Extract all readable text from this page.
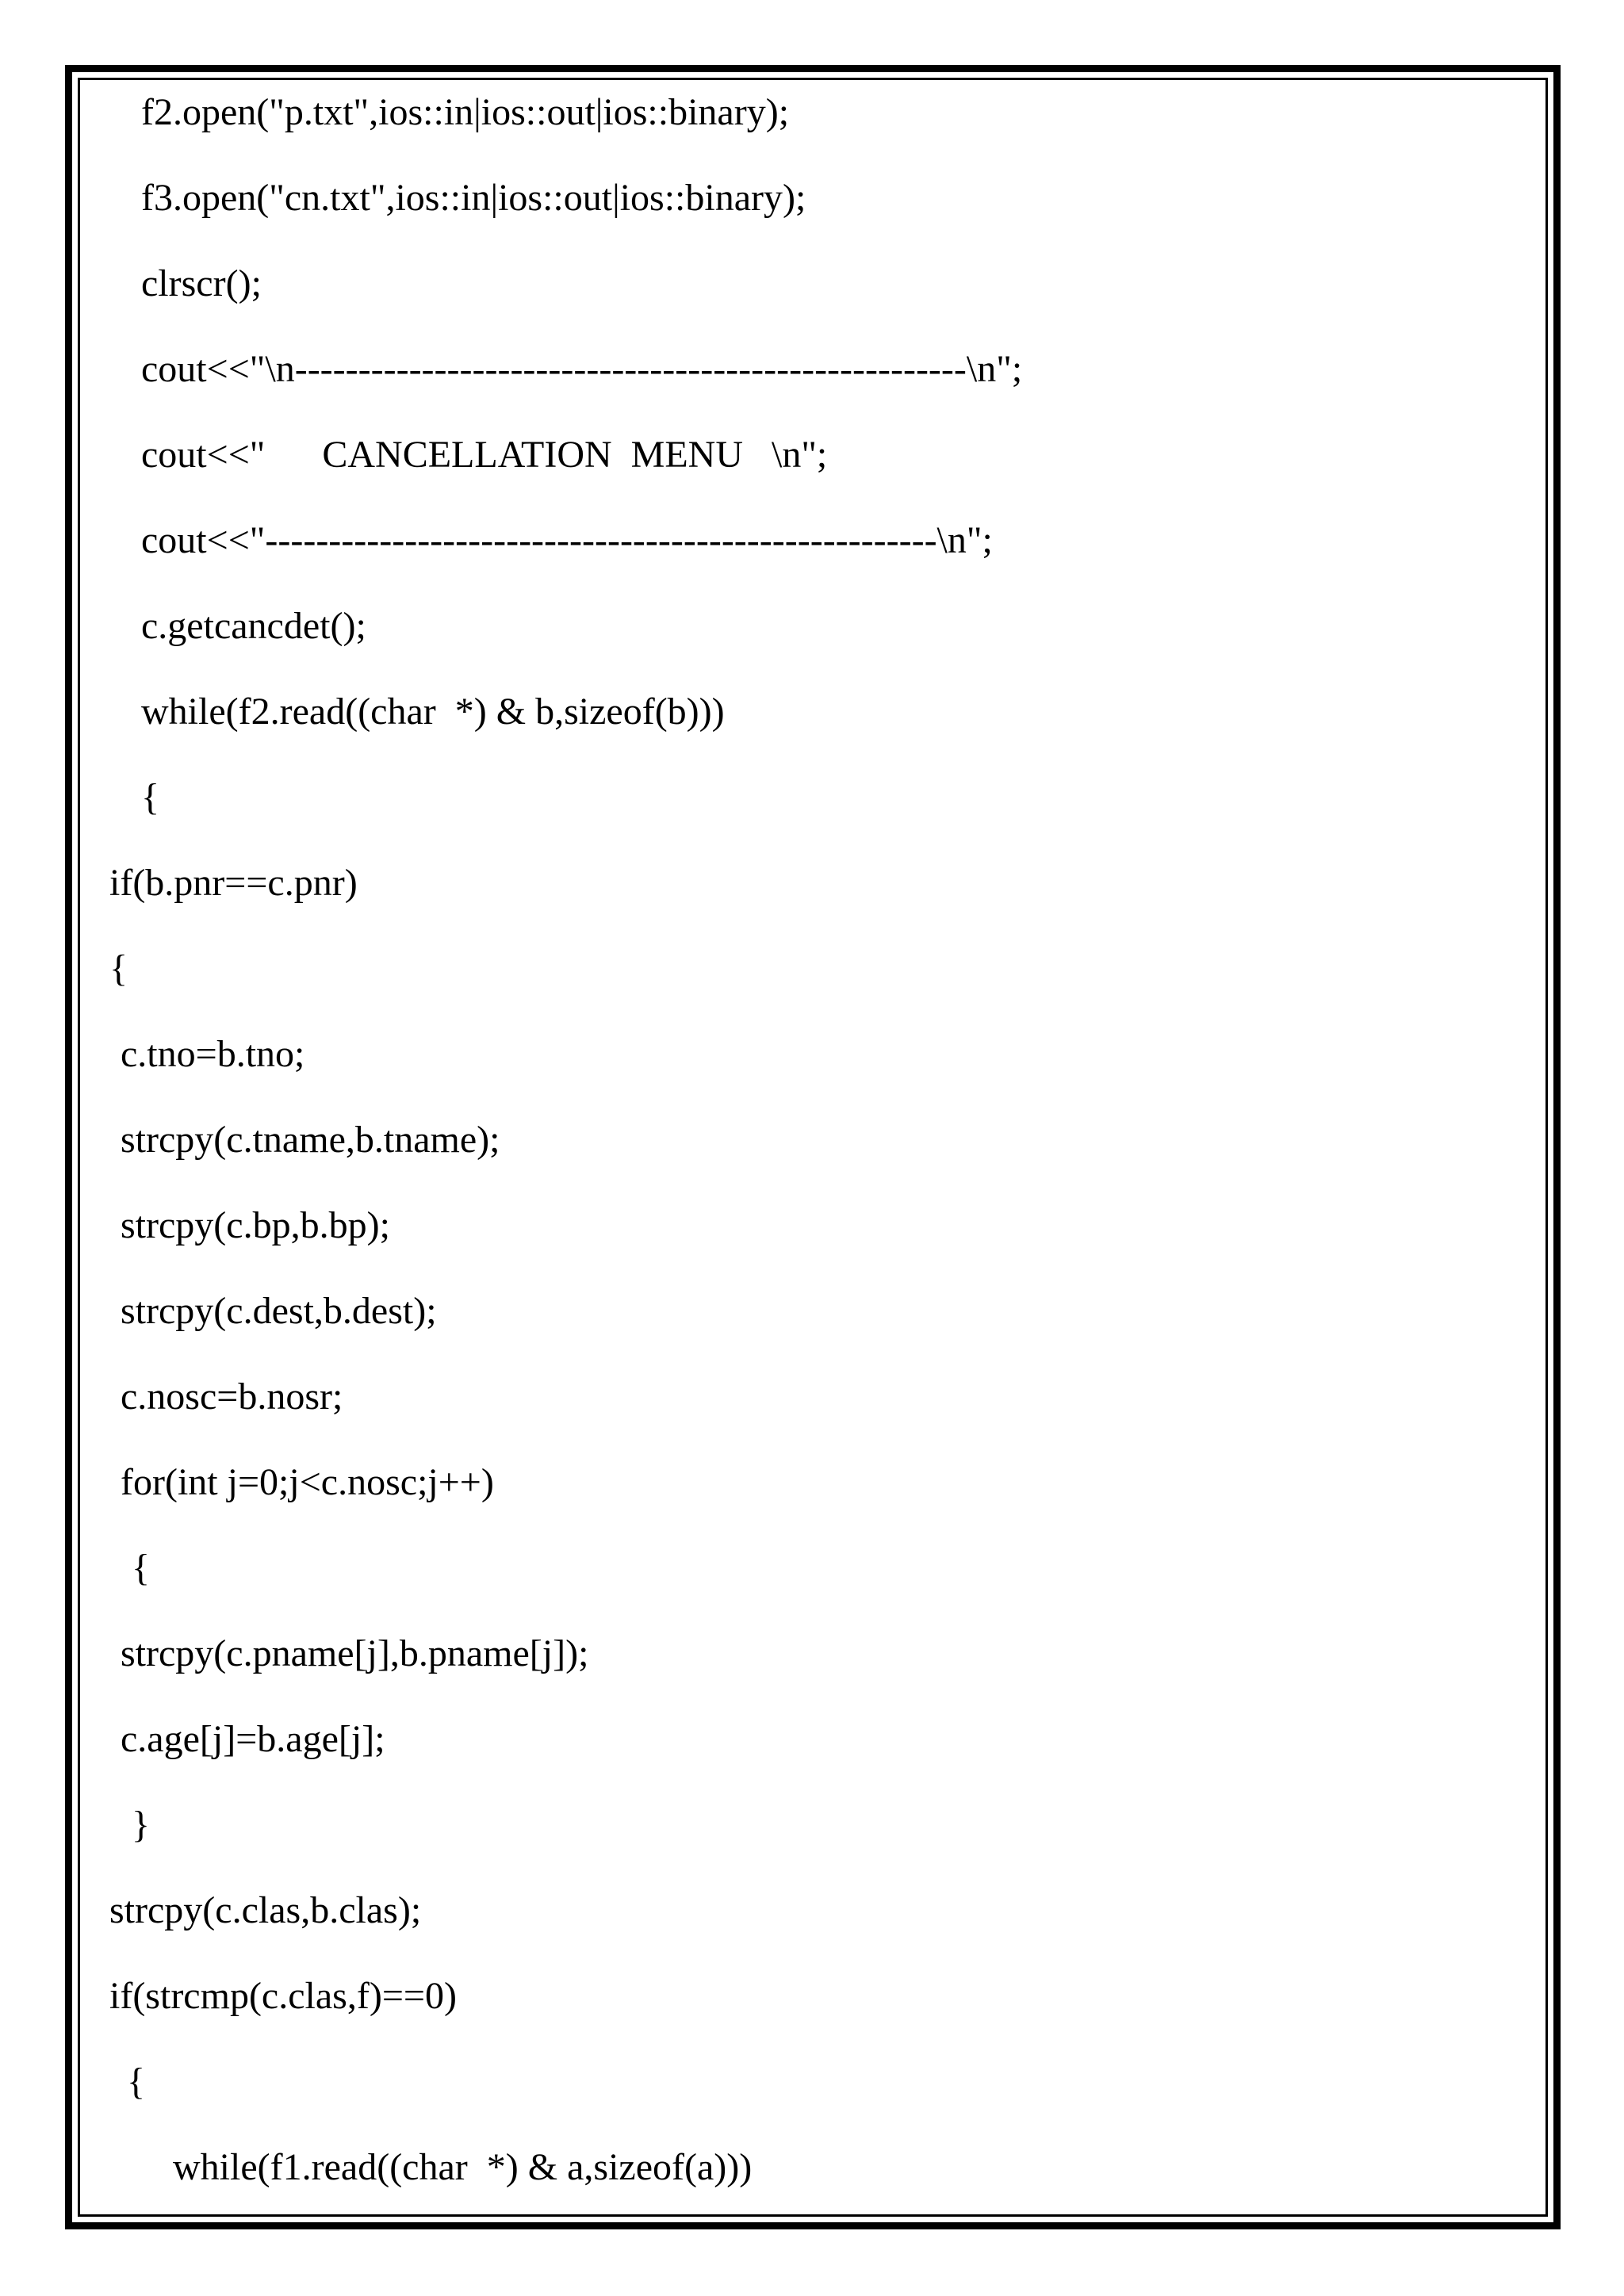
f2.open("p.txt",ios::in|ios::out|ios::binary);

f3.open("cn.txt",ios::in|ios::out|ios::binary);

clrscr();

cout<<"\n-----------------------------------------------------\n";

cout<<"      CANCELLATION  MENU   \n";

cout<<"-----------------------------------------------------\n";

c.getcancdet();

while(f2.read((char  *) & b,sizeof(b)))

{

if(b.pnr==c.pnr)

{

c.tno=b.tno;

strcpy(c.tname,b.tname);

strcpy(c.bp,b.bp);

strcpy(c.dest,b.dest);

c.nosc=b.nosr;

for(int j=0;j<c.nosc;j++)

{

strcpy(c.pname[j],b.pname[j]);

c.age[j]=b.age[j];

}

strcpy(c.clas,b.clas);

if(strcmp(c.clas,f)==0)

{

while(f1.read((char  *) & a,sizeof(a)))
